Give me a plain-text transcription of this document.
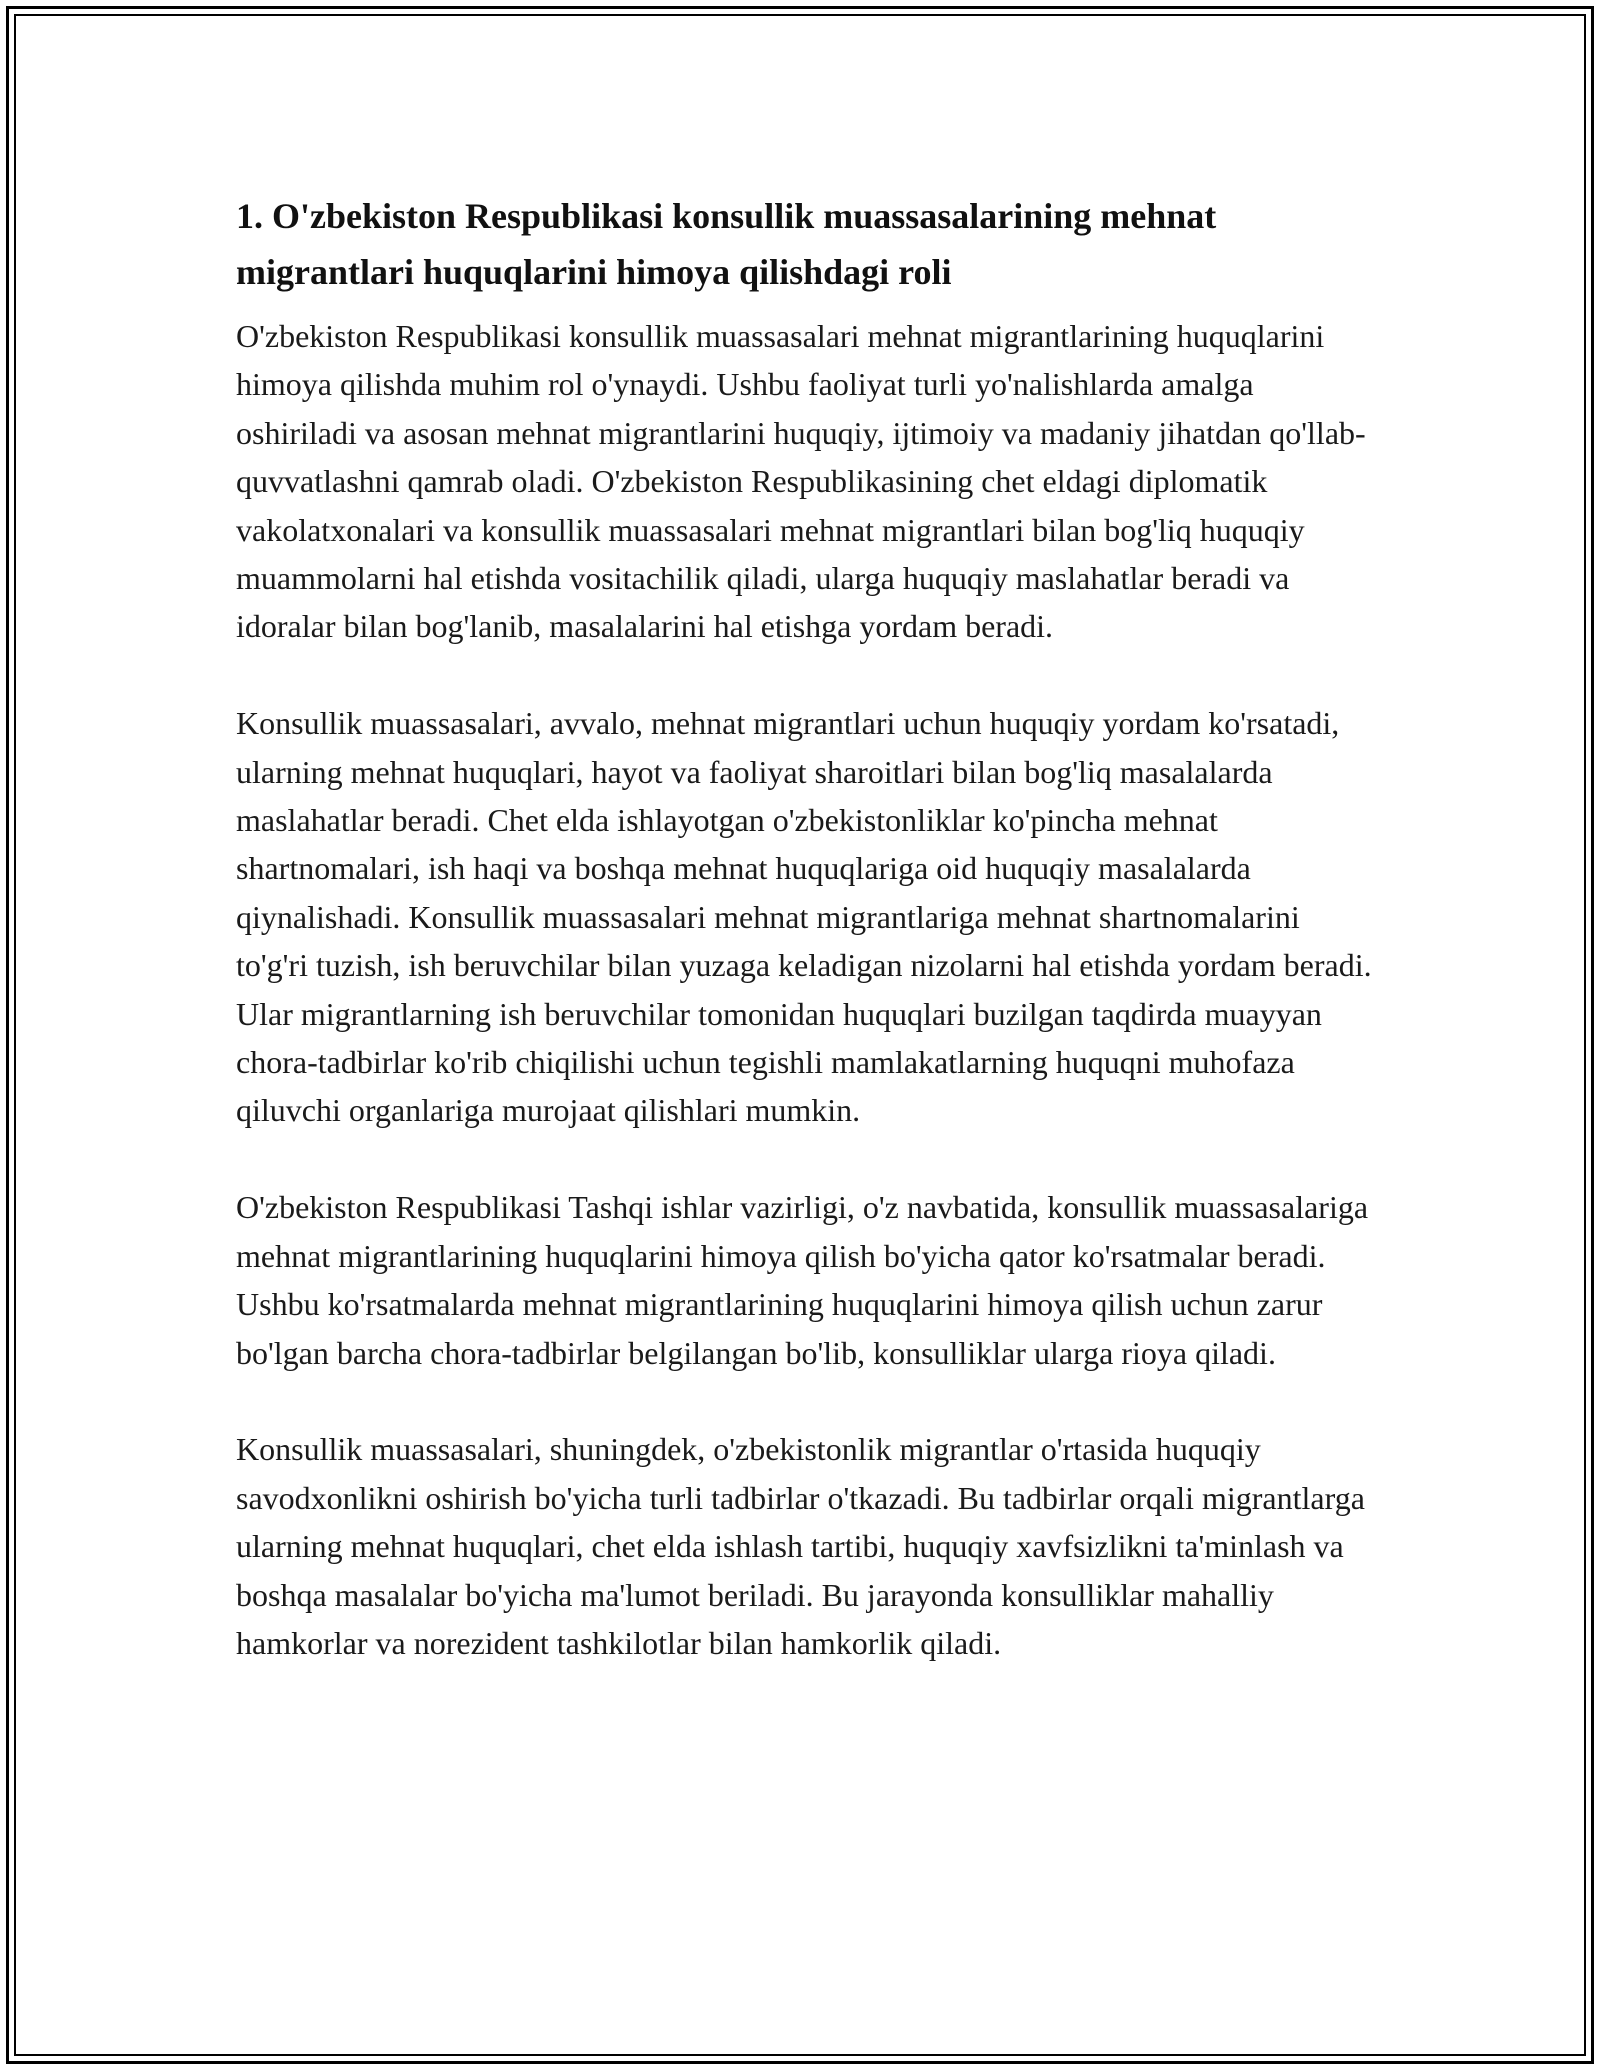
1. O'zbekiston Respublikasi konsullik muassasalarining mehnat migrantlari huquqlarini himoya qilishdagi roli

O'zbekiston Respublikasi konsullik muassasalari mehnat migrantlarining huquqlarini himoya qilishda muhim rol o'ynaydi. Ushbu faoliyat turli yo'nalishlarda amalga oshiriladi va asosan mehnat migrantlarini huquqiy, ijtimoiy va madaniy jihatdan qo'llab-quvvatlashni qamrab oladi. O'zbekiston Respublikasining chet eldagi diplomatik vakolatxonalari va konsullik muassasalari mehnat migrantlari bilan bog'liq huquqiy muammolarni hal etishda vositachilik qiladi, ularga huquqiy maslahatlar beradi va idoralar bilan bog'lanib, masalalarini hal etishga yordam beradi.

Konsullik muassasalari, avvalo, mehnat migrantlari uchun huquqiy yordam ko'rsatadi, ularning mehnat huquqlari, hayot va faoliyat sharoitlari bilan bog'liq masalalarda maslahatlar beradi. Chet elda ishlayotgan o'zbekistonliklar ko'pincha mehnat shartnomalari, ish haqi va boshqa mehnat huquqlariga oid huquqiy masalalarda qiynalishadi. Konsullik muassasalari mehnat migrantlariga mehnat shartnomalarini to'g'ri tuzish, ish beruvchilar bilan yuzaga keladigan nizolarni hal etishda yordam beradi. Ular migrantlarning ish beruvchilar tomonidan huquqlari buzilgan taqdirda muayyan chora-tadbirlar ko'rib chiqilishi uchun tegishli mamlakatlarning huquqni muhofaza qiluvchi organlariga murojaat qilishlari mumkin.

O'zbekiston Respublikasi Tashqi ishlar vazirligi, o'z navbatida, konsullik muassasalariga mehnat migrantlarining huquqlarini himoya qilish bo'yicha qator ko'rsatmalar beradi. Ushbu ko'rsatmalarda mehnat migrantlarining huquqlarini himoya qilish uchun zarur bo'lgan barcha chora-tadbirlar belgilangan bo'lib, konsulliklar ularga rioya qiladi.

Konsullik muassasalari, shuningdek, o'zbekistonlik migrantlar o'rtasida huquqiy savodxonlikni oshirish bo'yicha turli tadbirlar o'tkazadi. Bu tadbirlar orqali migrantlarga ularning mehnat huquqlari, chet elda ishlash tartibi, huquqiy xavfsizlikni ta'minlash va boshqa masalalar bo'yicha ma'lumot beriladi. Bu jarayonda konsulliklar mahalliy hamkorlar va norezident tashkilotlar bilan hamkorlik qiladi.
